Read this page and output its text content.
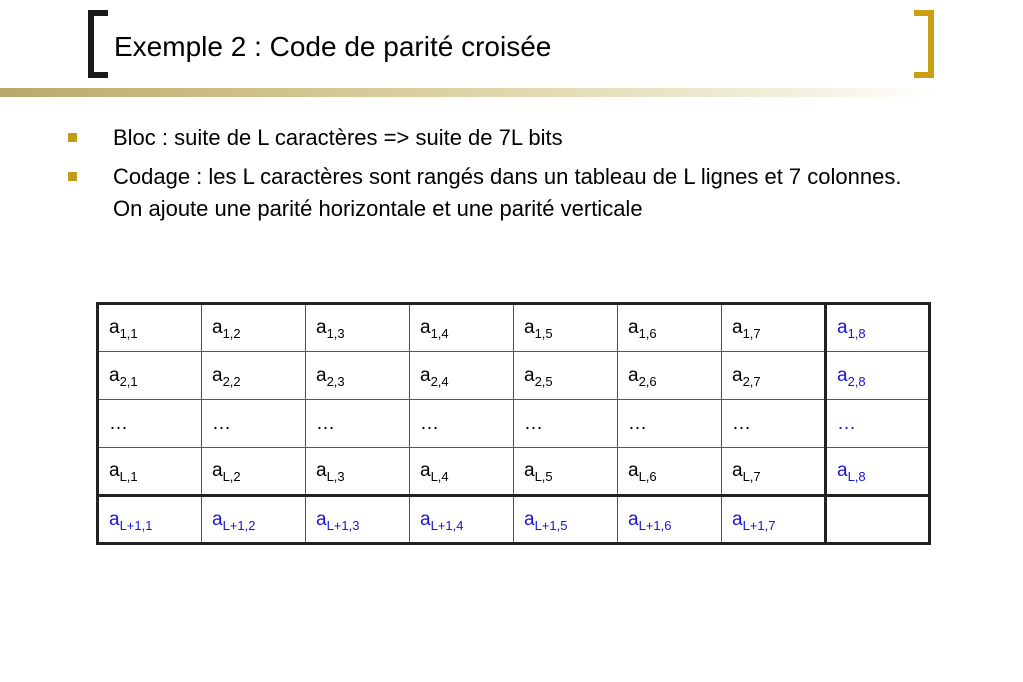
Exemple 2 : Code de parité croisée
Bloc : suite de L caractères => suite de 7L bits
Codage : les L caractères sont rangés dans un tableau de L lignes et 7 colonnes. On ajoute une parité horizontale et une parité verticale
$a_{1,1}$	$a_{1,2}$	$a_{1,3}$	$a_{1,4}$	$a_{1,5}$	$a_{1,6}$	$a_{1,7}$	$a_{1,8}$
$a_{2,1}$	$a_{2,2}$	$a_{2,3}$	$a_{2,4}$	$a_{2,5}$	$a_{2,6}$	$a_{2,7}$	$a_{2,8}$
…	…	…	…	…	…	…	…
$a_{L,1}$	$a_{L,2}$	$a_{L,3}$	$a_{L,4}$	$a_{L,5}$	$a_{L,6}$	$a_{L,7}$	$a_{L,8}$
$a_{L+1,1}$	$a_{L+1,2}$	$a_{L+1,3}$	$a_{L+1,4}$	$a_{L+1,5}$	$a_{L+1,6}$	$a_{L+1,7}$	
